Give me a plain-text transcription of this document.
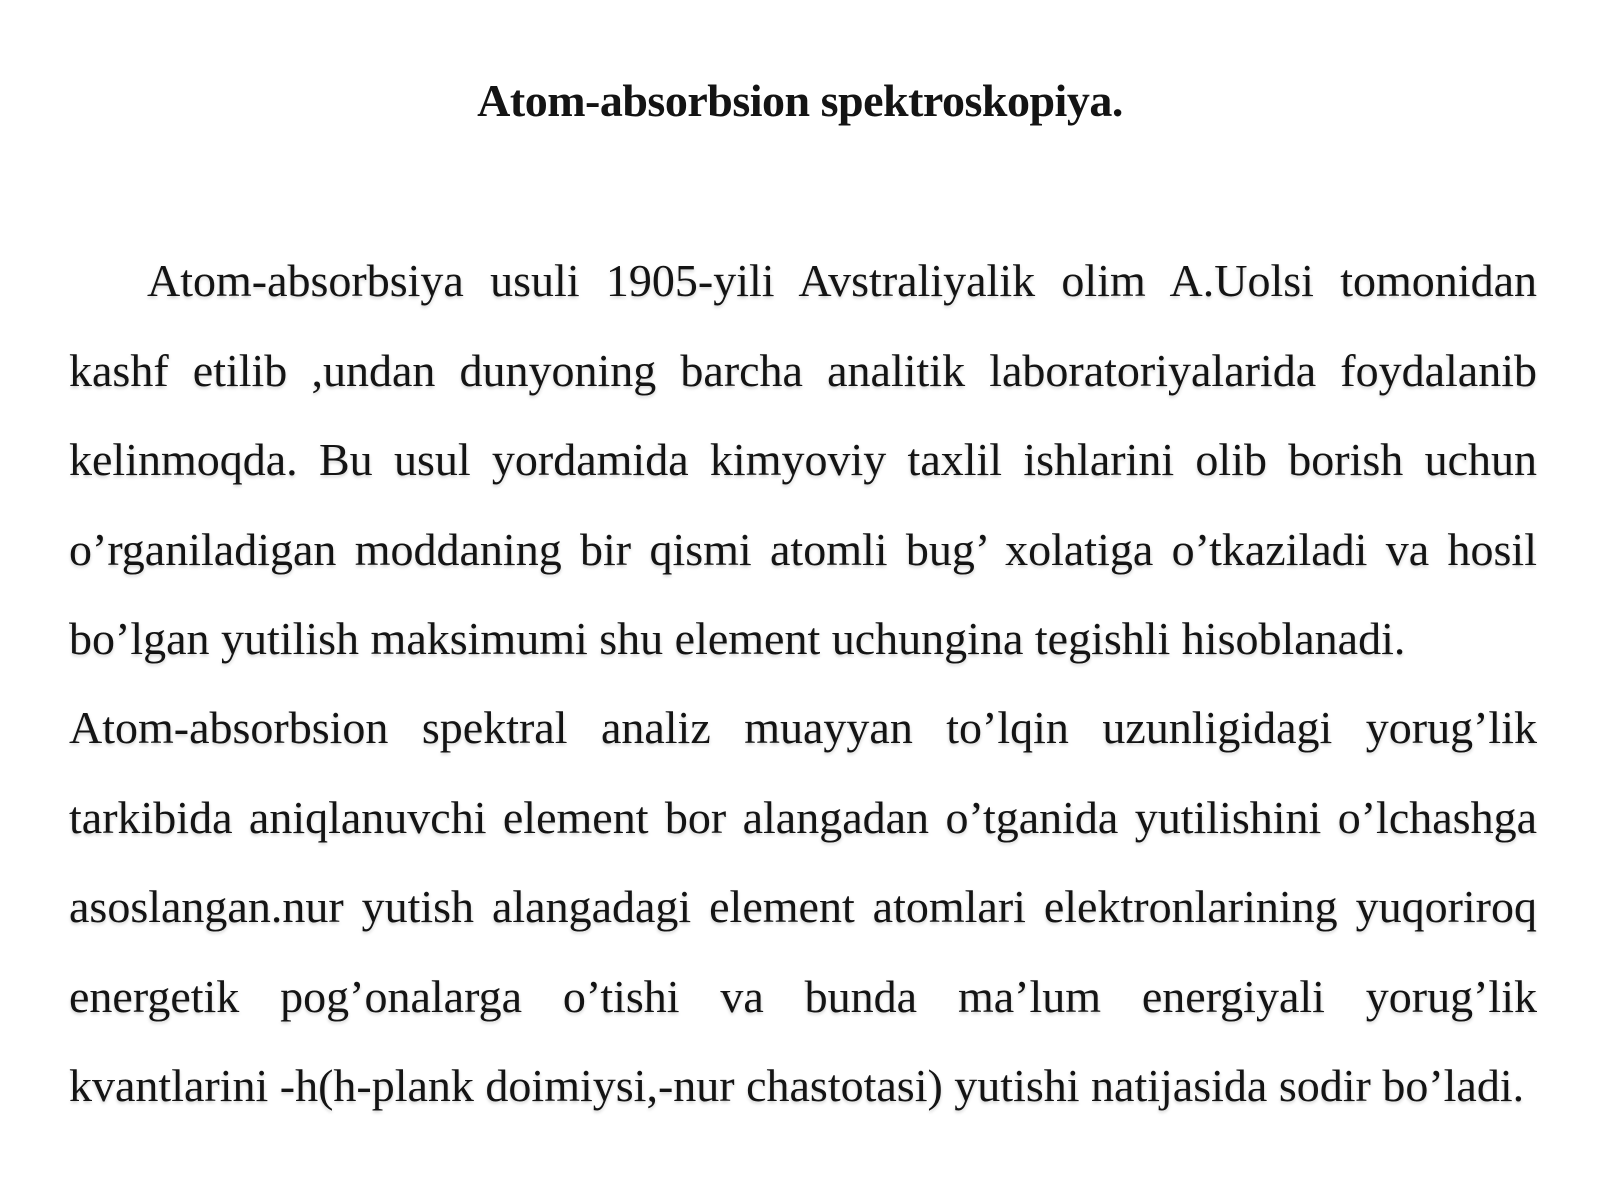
Atom-absorbsion spektroskopiya.

Atom-absorbsiya usuli 1905-yili Avstraliyalik olim A.Uolsi tomonidan kashf etilib ,undan dunyoning barcha analitik laboratoriyalarida foydalanib kelinmoqda. Bu usul yordamida kimyoviy taxlil ishlarini olib borish uchun o’rganiladigan moddaning bir qismi atomli bug’ xolatiga o’tkaziladi va hosil bo’lgan yutilish maksimumi shu element uchungina tegishli hisoblanadi.

Atom-absorbsion spektral analiz muayyan to’lqin uzunligidagi yorug’lik tarkibida aniqlanuvchi element bor alangadan o’tganida yutilishini o’lchashga asoslangan.nur yutish alangadagi element atomlari elektronlarining yuqoriroq energetik pog’onalarga o’tishi va bunda ma’lum energiyali yorug’lik kvantlarini -h(h-plank doimiysi,-nur chastotasi) yutishi natijasida sodir bo’ladi.
